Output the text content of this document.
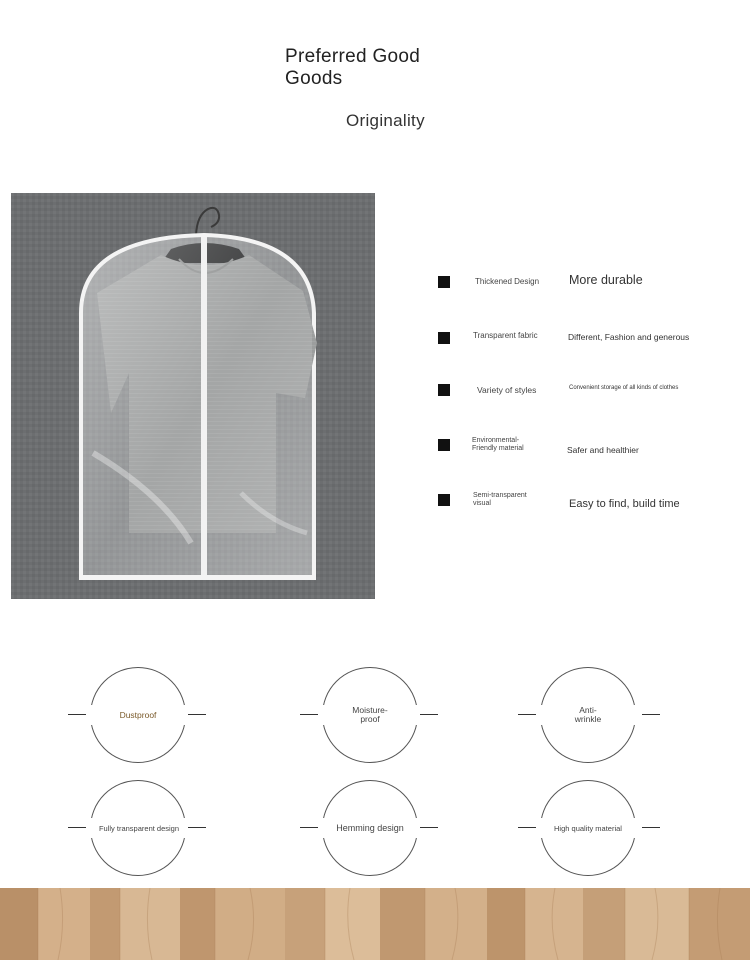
Preferred Good Goods
Originality
Thickened Design	More durable
Transparent fabric	Different, Fashion and generous
Variety of styles	Convenient storage of all kinds of clothes
Environmental-Friendly material	Safer and healthier
Semi-transparent visual	Easy to find, build time
Dustproof	Moisture-proof
Anti-wrinkle
Fully transparent design	Hemming design	High quality material
